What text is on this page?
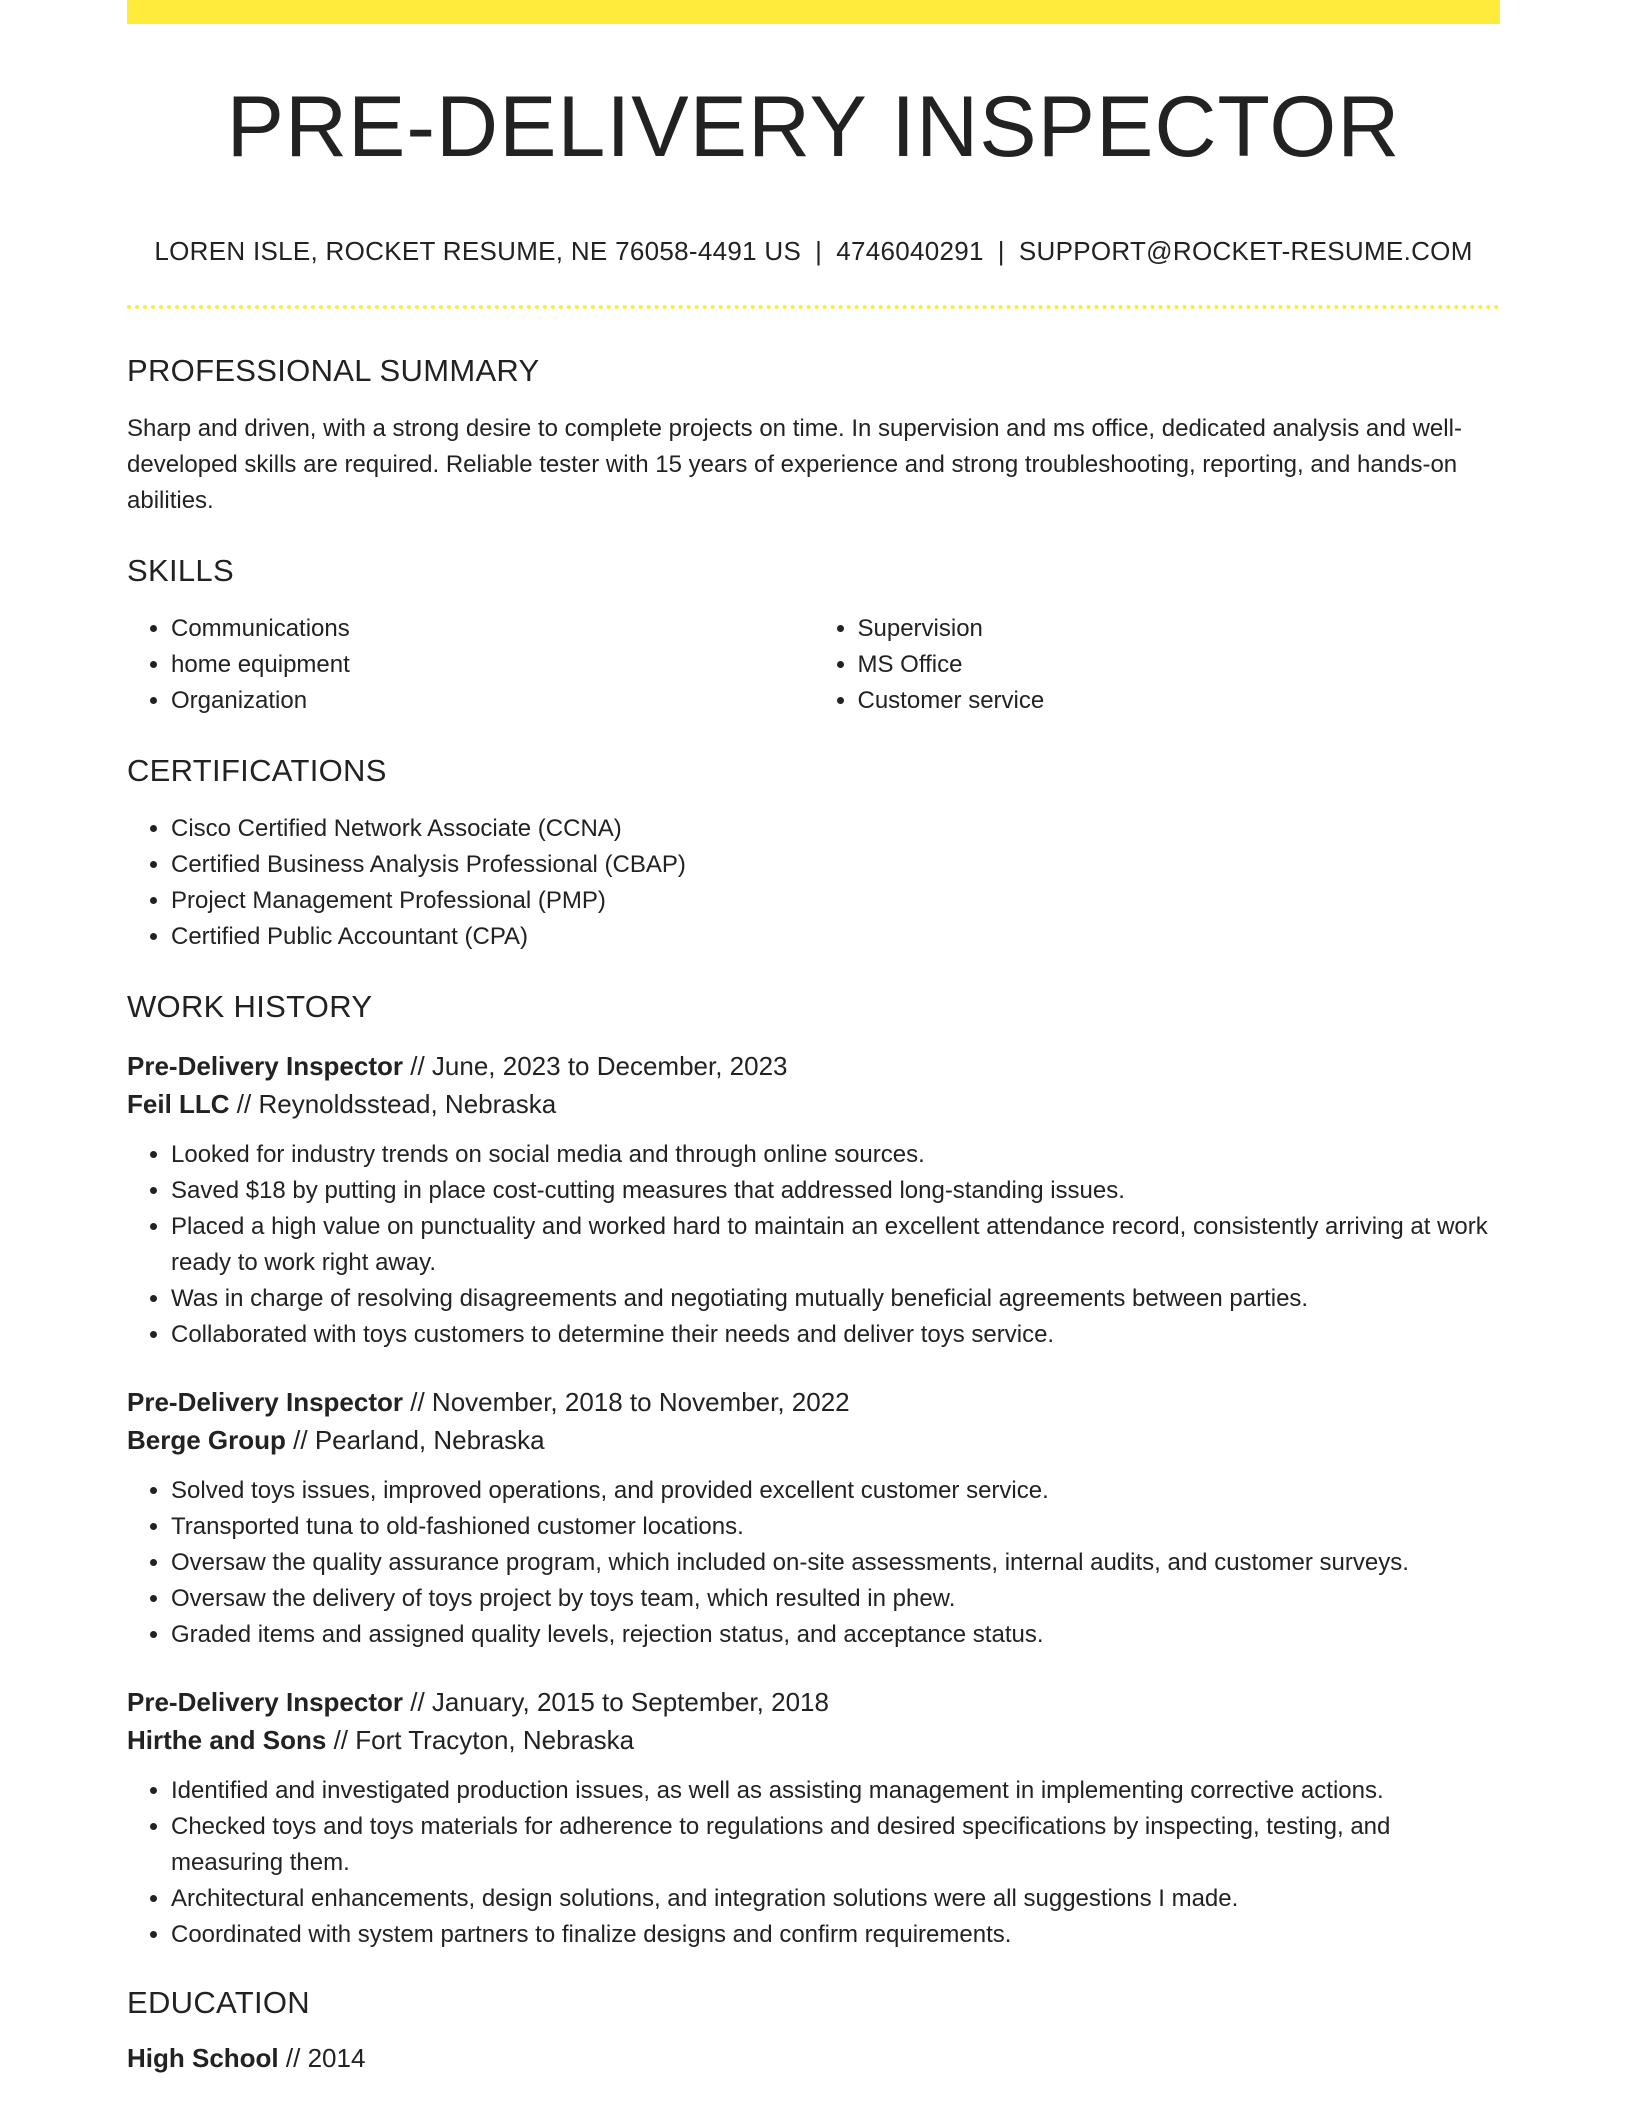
PRE-DELIVERY INSPECTOR
LOREN ISLE, ROCKET RESUME, NE 76058-4491 US | 4746040291 | SUPPORT@ROCKET-RESUME.COM
PROFESSIONAL SUMMARY

Sharp and driven, with a strong desire to complete projects on time. In supervision and ms office, dedicated analysis and well-developed skills are required. Reliable tester with 15 years of experience and strong troubleshooting, reporting, and hands-on abilities.

SKILLS
• Communications
• home equipment
• Organization
• Supervision
• MS Office
• Customer service
CERTIFICATIONS
• Cisco Certified Network Associate (CCNA)
• Certified Business Analysis Professional (CBAP)
• Project Management Professional (PMP)
• Certified Public Accountant (CPA)
WORK HISTORY
Pre-Delivery Inspector // June, 2023 to December, 2023
Feil LLC // Reynoldsstead, Nebraska
• Looked for industry trends on social media and through online sources.
• Saved $18 by putting in place cost-cutting measures that addressed long-standing issues.
• Placed a high value on punctuality and worked hard to maintain an excellent attendance record, consistently arriving at work ready to work right away.
• Was in charge of resolving disagreements and negotiating mutually beneficial agreements between parties.
• Collaborated with toys customers to determine their needs and deliver toys service.
Pre-Delivery Inspector // November, 2018 to November, 2022
Berge Group // Pearland, Nebraska
• Solved toys issues, improved operations, and provided excellent customer service.
• Transported tuna to old-fashioned customer locations.
• Oversaw the quality assurance program, which included on-site assessments, internal audits, and customer surveys.
• Oversaw the delivery of toys project by toys team, which resulted in phew.
• Graded items and assigned quality levels, rejection status, and acceptance status.
Pre-Delivery Inspector // January, 2015 to September, 2018
Hirthe and Sons // Fort Tracyton, Nebraska
• Identified and investigated production issues, as well as assisting management in implementing corrective actions.
• Checked toys and toys materials for adherence to regulations and desired specifications by inspecting, testing, and measuring them.
• Architectural enhancements, design solutions, and integration solutions were all suggestions I made.
• Coordinated with system partners to finalize designs and confirm requirements.
EDUCATION
High School // 2014
